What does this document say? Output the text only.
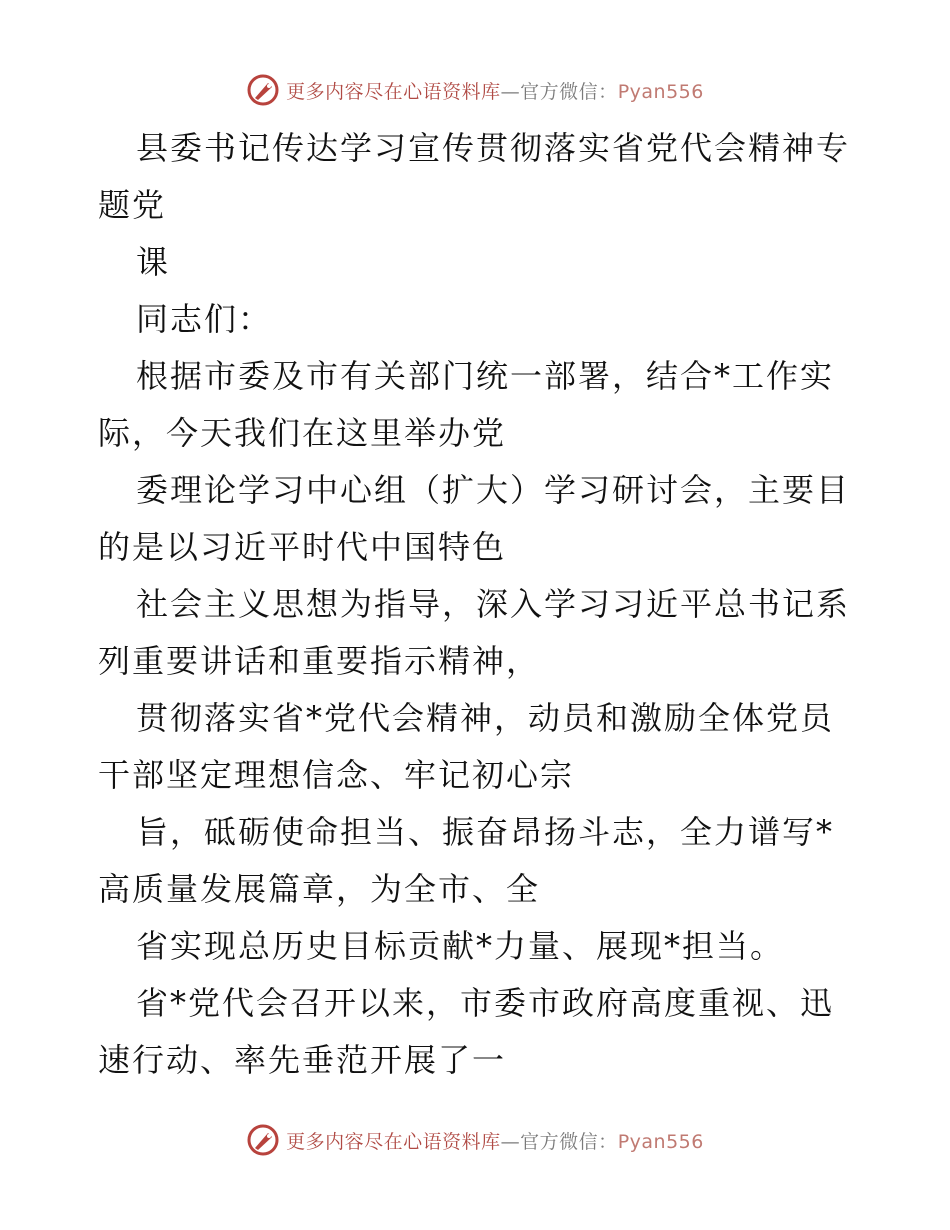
更多内容尽在心语资料库—官方微信：Pyan556
县委书记传达学习宣传贯彻落实省党代会精神专
题党
课
同志们：
根据市委及市有关部门统一部署，结合*工作实
际，今天我们在这里举办党
委理论学习中心组（扩大）学习研讨会，主要目
的是以习近平时代中国特色
社会主义思想为指导，深入学习习近平总书记系
列重要讲话和重要指示精神，
贯彻落实省*党代会精神，动员和激励全体党员
干部坚定理想信念、牢记初心宗
旨，砥砺使命担当、振奋昂扬斗志，全力谱写*
高质量发展篇章，为全市、全
省实现总历史目标贡献*力量、展现*担当。
省*党代会召开以来，市委市政府高度重视、迅
速行动、率先垂范开展了一
更多内容尽在心语资料库—官方微信：Pyan556
